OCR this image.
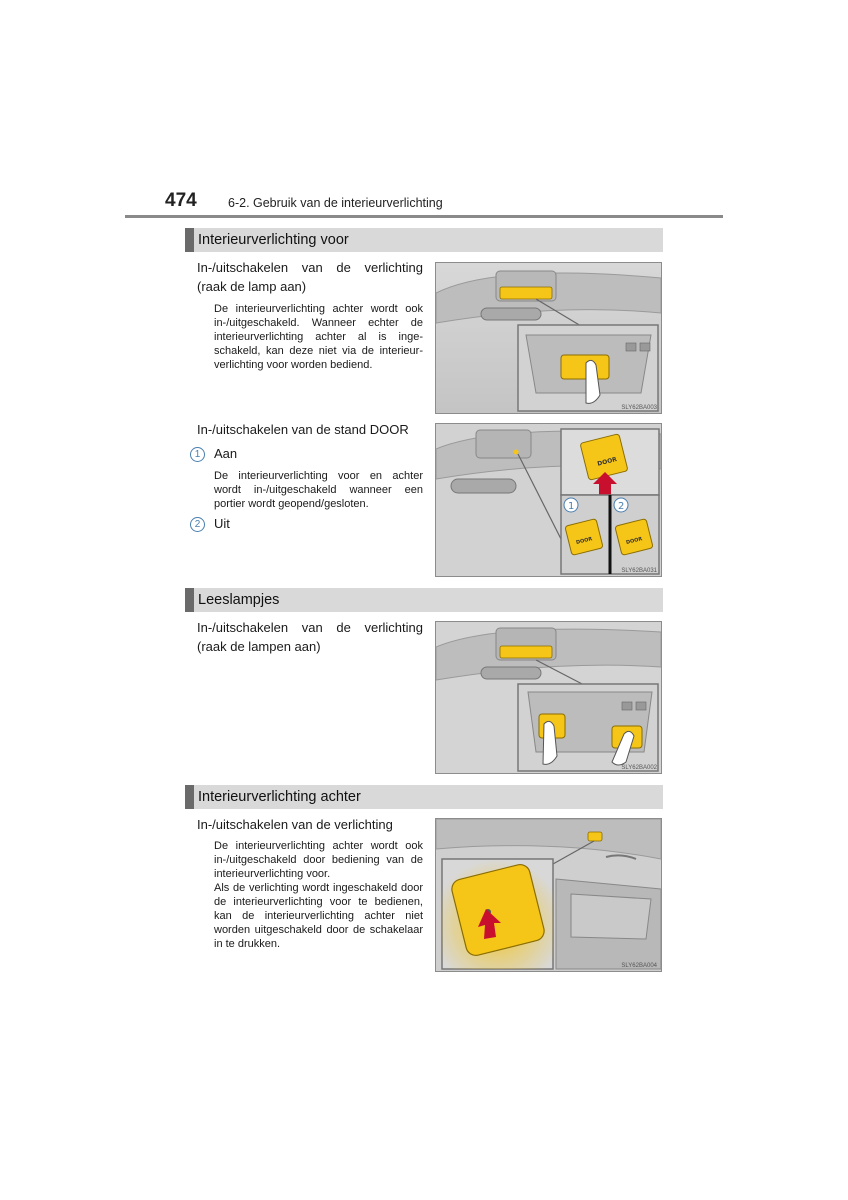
474	6-2. Gebruik van de interieurverlichting
Interieurverlichting voor
In-/uitschakelen van de verlichting (raak de lamp aan)
De interieurverlichting achter wordt ook in-/uitgeschakeld. Wanneer echter de interieurverlichting achter al is ingeschakeld, kan deze niet via de interieurverlichting voor worden bediend.
SLY62BA003
In-/uitschakelen van de stand DOOR
1 Aan
De interieurverlichting voor en achter wordt in-/uitgeschakeld wanneer een portier wordt geopend/gesloten.
2 Uit
DOOR
1	2
DOOR	DOOR
SLY62BA031
Leeslampjes
In-/uitschakelen van de verlichting (raak de lampen aan)
SLY62BA002
Interieurverlichting achter
In-/uitschakelen van de verlichting
De interieurverlichting achter wordt ook in-/uitgeschakeld door bediening van de interieurverlichting voor.
Als de verlichting wordt ingeschakeld door de interieurverlichting voor te bedienen, kan de interieurverlichting achter niet worden uitgeschakeld door de schakelaar in te drukken.
SLY62BA004
